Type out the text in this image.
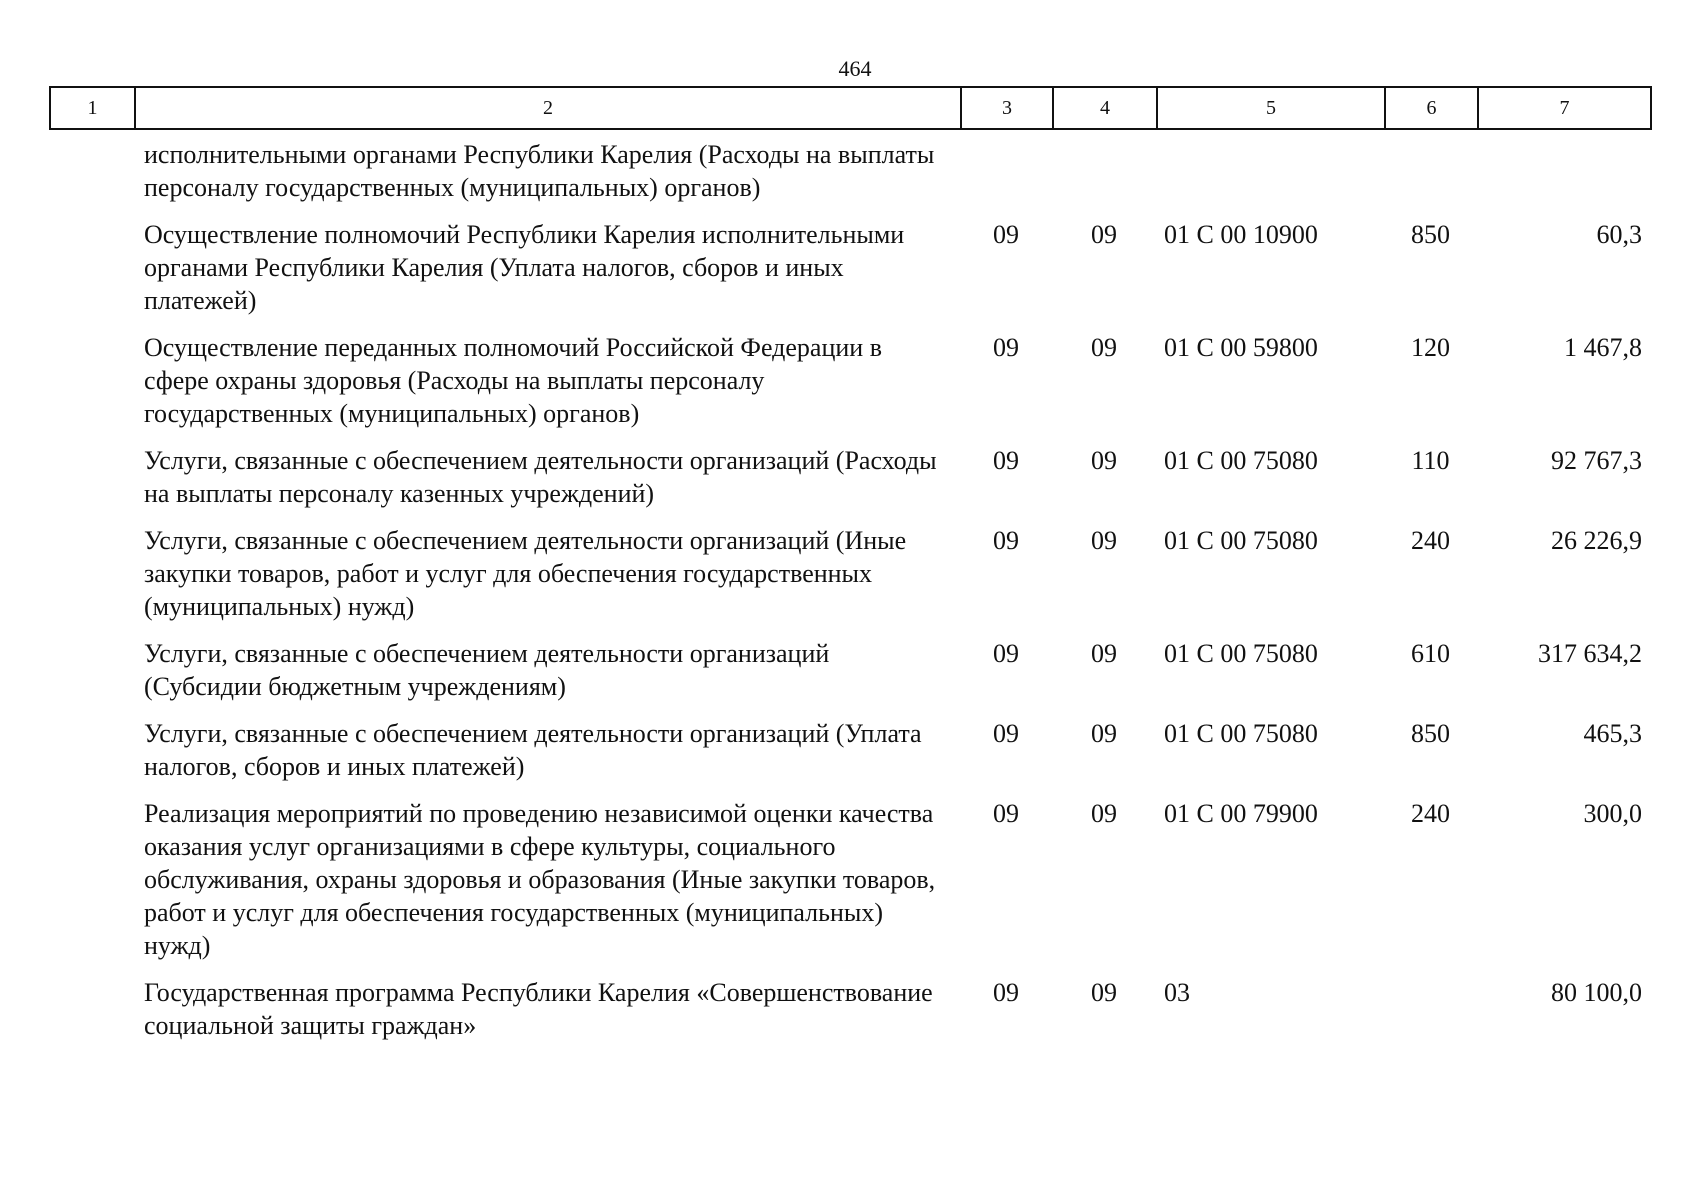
464
1	2	3	4	5	6	7
исполнительными органами Республики Карелия (Расходы на выплаты персоналу государственных (муниципальных) органов)					
Осуществление полномочий Республики Карелия исполнительными органами Республики Карелия (Уплата налогов, сборов и иных платежей)	09	09	01 С 00 10900	850	60,3
Осуществление переданных полномочий Российской Федерации в сфере охраны здоровья (Расходы на выплаты персоналу государственных (муниципальных) органов)	09	09	01 С 00 59800	120	1 467,8
Услуги, связанные с обеспечением деятельности организаций (Расходы на выплаты персоналу казенных учреждений)	09	09	01 С 00 75080	110	92 767,3
Услуги, связанные с обеспечением деятельности организаций (Иные закупки товаров, работ и услуг для обеспечения государственных (муниципальных) нужд)	09	09	01 С 00 75080	240	26 226,9
Услуги, связанные с обеспечением деятельности организаций (Субсидии бюджетным учреждениям)	09	09	01 С 00 75080	610	317 634,2
Услуги, связанные с обеспечением деятельности организаций (Уплата налогов, сборов и иных платежей)	09	09	01 С 00 75080	850	465,3
Реализация мероприятий по проведению независимой оценки качества оказания услуг организациями в сфере культуры, социального обслуживания, охраны здоровья и образования (Иные закупки товаров, работ и услуг для обеспечения государственных (муниципальных) нужд)	09	09	01 С 00 79900	240	300,0
Государственная программа Республики Карелия «Совершенствование социальной защиты граждан»	09	09	03		80 100,0
